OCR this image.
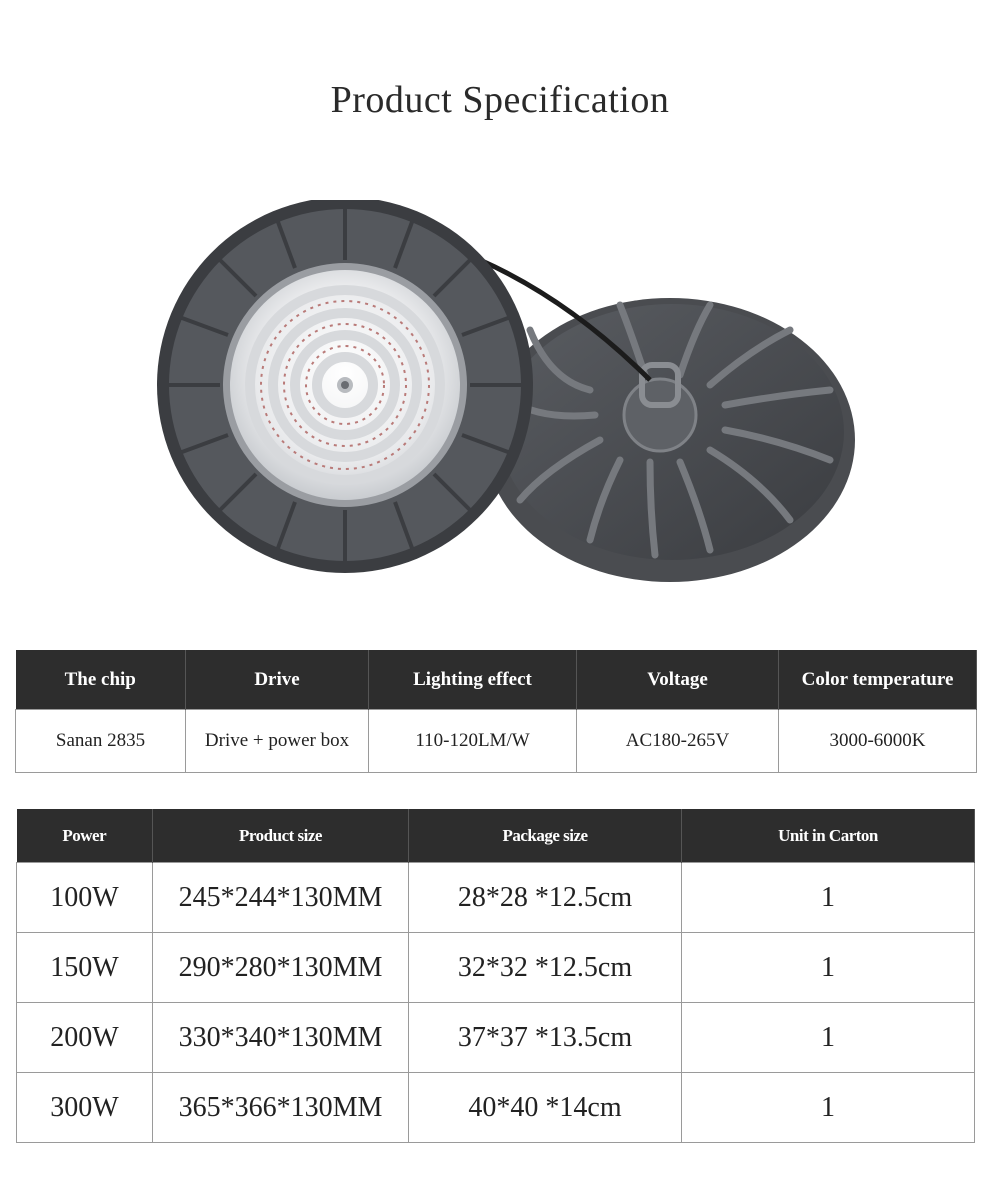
Product Specification
The chip	Drive	Lighting effect	Voltage	Color temperature
Sanan 2835	Drive + power box	110-120LM/W	AC180-265V	3000-6000K
Power	Product size	Package size	Unit in Carton
100W	245*244*130MM	28*28 *12.5cm	1
150W	290*280*130MM	32*32 *12.5cm	1
200W	330*340*130MM	37*37 *13.5cm	1
300W	365*366*130MM	40*40 *14cm	1
